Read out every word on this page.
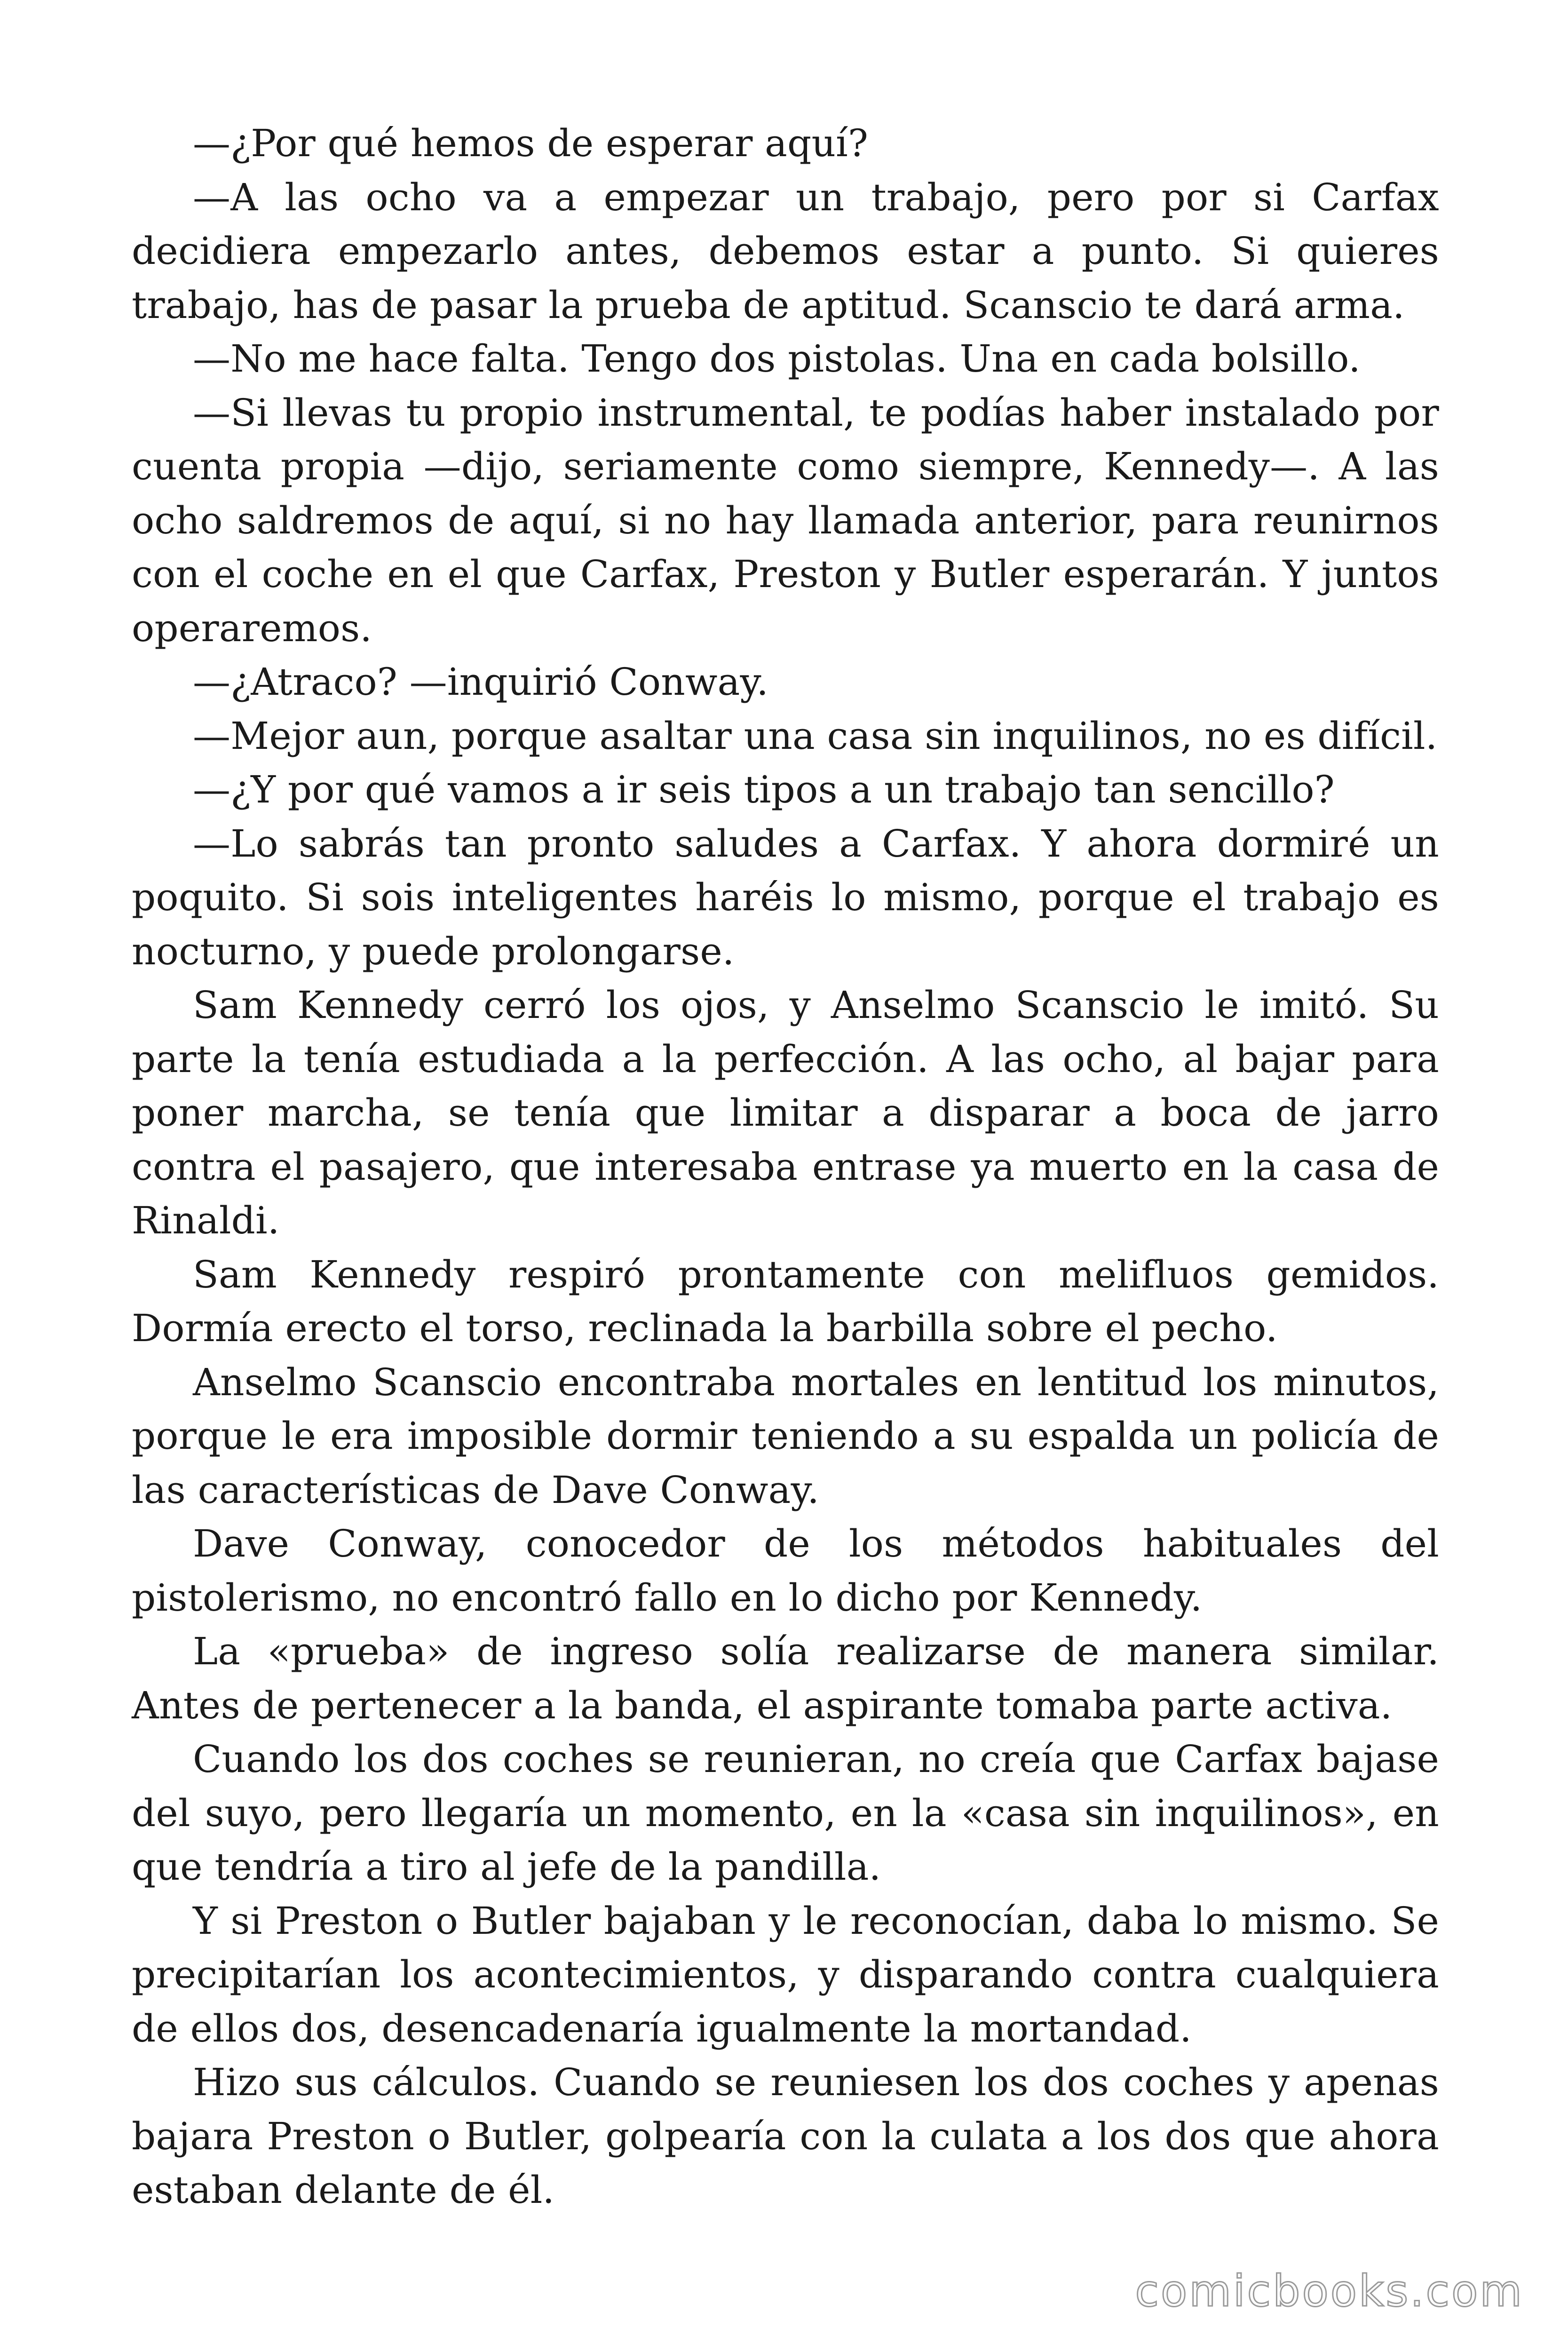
—¿Por qué hemos de esperar aquí?

—A las ocho va a empezar un trabajo, pero por si Carfax decidiera empezarlo antes, debemos estar a punto. Si quieres trabajo, has de pasar la prueba de aptitud. Scanscio te dará arma.

—No me hace falta. Tengo dos pistolas. Una en cada bolsillo.

—Si llevas tu propio instrumental, te podías haber instalado por cuenta propia —dijo, seriamente como siempre, Kennedy—. A las ocho saldremos de aquí, si no hay llamada anterior, para reunirnos con el coche en el que Carfax, Preston y Butler esperarán. Y juntos operaremos.

—¿Atraco? —inquirió Conway.

—Mejor aun, porque asaltar una casa sin inquilinos, no es difícil.

—¿Y por qué vamos a ir seis tipos a un trabajo tan sencillo?

—Lo sabrás tan pronto saludes a Carfax. Y ahora dormiré un poquito. Si sois inteligentes haréis lo mismo, porque el trabajo es nocturno, y puede prolongarse.

Sam Kennedy cerró los ojos, y Anselmo Scanscio le imitó. Su parte la tenía estudiada a la perfección. A las ocho, al bajar para poner marcha, se tenía que limitar a disparar a boca de jarro contra el pasajero, que interesaba entrase ya muerto en la casa de Rinaldi.

Sam Kennedy respiró prontamente con melifluos gemidos. Dormía erecto el torso, reclinada la barbilla sobre el pecho.

Anselmo Scanscio encontraba mortales en lentitud los minutos, porque le era imposible dormir teniendo a su espalda un policía de las características de Dave Conway.

Dave Conway, conocedor de los métodos habituales del pistolerismo, no encontró fallo en lo dicho por Kennedy.

La «prueba» de ingreso solía realizarse de manera similar. Antes de pertenecer a la banda, el aspirante tomaba parte activa.

Cuando los dos coches se reunieran, no creía que Carfax bajase del suyo, pero llegaría un momento, en la «casa sin inquilinos», en que tendría a tiro al jefe de la pandilla.

Y si Preston o Butler bajaban y le reconocían, daba lo mismo. Se precipitarían los acontecimientos, y disparando contra cualquiera de ellos dos, desencadenaría igualmente la mortandad.

Hizo sus cálculos. Cuando se reuniesen los dos coches y apenas bajara Preston o Butler, golpearía con la culata a los dos que ahora estaban delante de él.

comicbooks.com
